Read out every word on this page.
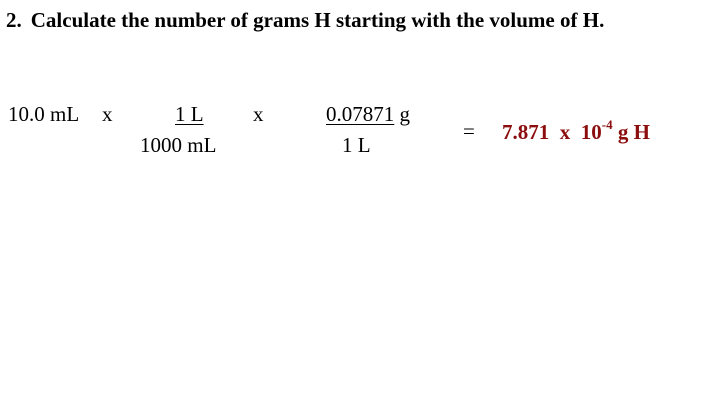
2. Calculate the number of grams H starting with the volume of H.
10.0 mL x	1 L
1000 mL
x	0.07871 g
1 L
= 7.871  x  $10^{-4}$ g H
